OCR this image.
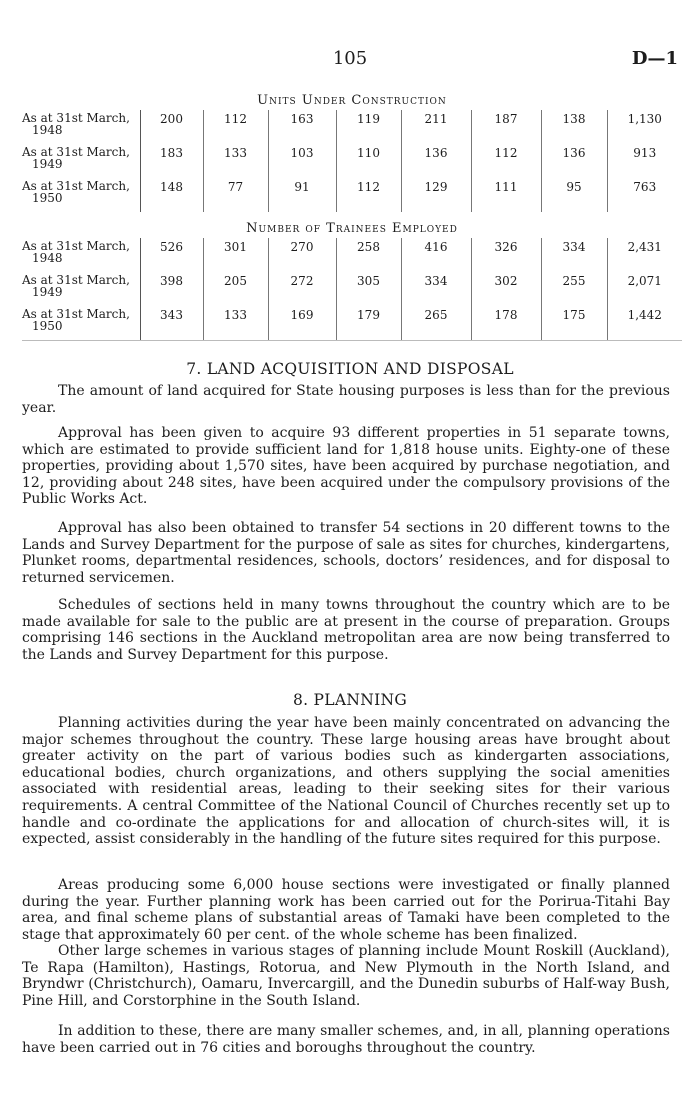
105	D—1
Units Under Construction
As at 31st March,
1948	200	112	163	119	211	187	138	1,130
As at 31st March,
1949	183	133	103	110	136	112	136	913
As at 31st March,
1950	148	77	91	112	129	111	95	763
Number of Trainees Employed
As at 31st March,
1948	526	301	270	258	416	326	334	2,431
As at 31st March,
1949	398	205	272	305	334	302	255	2,071
As at 31st March,
1950	343	133	169	179	265	178	175	1,442
7. LAND ACQUISITION AND DISPOSAL

The amount of land acquired for State housing purposes is less than for the previous year.

Approval has been given to acquire 93 different properties in 51 separate towns, which are estimated to provide sufficient land for 1,818 house units. Eighty-one of these properties, providing about 1,570 sites, have been acquired by purchase negotiation, and 12, providing about 248 sites, have been acquired under the compulsory provisions of the Public Works Act.

Approval has also been obtained to transfer 54 sections in 20 different towns to the Lands and Survey Department for the purpose of sale as sites for churches, kindergartens, Plunket rooms, departmental residences, schools, doctors’ residences, and for disposal to returned servicemen.

Schedules of sections held in many towns throughout the country which are to be made available for sale to the public are at present in the course of preparation. Groups comprising 146 sections in the Auckland metropolitan area are now being transferred to the Lands and Survey Department for this purpose.

8. PLANNING

Planning activities during the year have been mainly concentrated on advancing the major schemes throughout the country. These large housing areas have brought about greater activity on the part of various bodies such as kindergarten associations, educational bodies, church organizations, and others supplying the social amenities associated with residential areas, leading to their seeking sites for their various requirements. A central Committee of the National Council of Churches recently set up to handle and co-ordinate the applications for and allocation of church-sites will, it is expected, assist considerably in the handling of the future sites required for this purpose.

Areas producing some 6,000 house sections were investigated or finally planned during the year. Further planning work has been carried out for the Porirua-Titahi Bay area, and final scheme plans of substantial areas of Tamaki have been completed to the stage that approximately 60 per cent. of the whole scheme has been finalized.

Other large schemes in various stages of planning include Mount Roskill (Auckland), Te Rapa (Hamilton), Hastings, Rotorua, and New Plymouth in the North Island, and Bryndwr (Christchurch), Oamaru, Invercargill, and the Dunedin suburbs of Half-way Bush, Pine Hill, and Corstorphine in the South Island.

In addition to these, there are many smaller schemes, and, in all, planning operations have been carried out in 76 cities and boroughs throughout the country.
